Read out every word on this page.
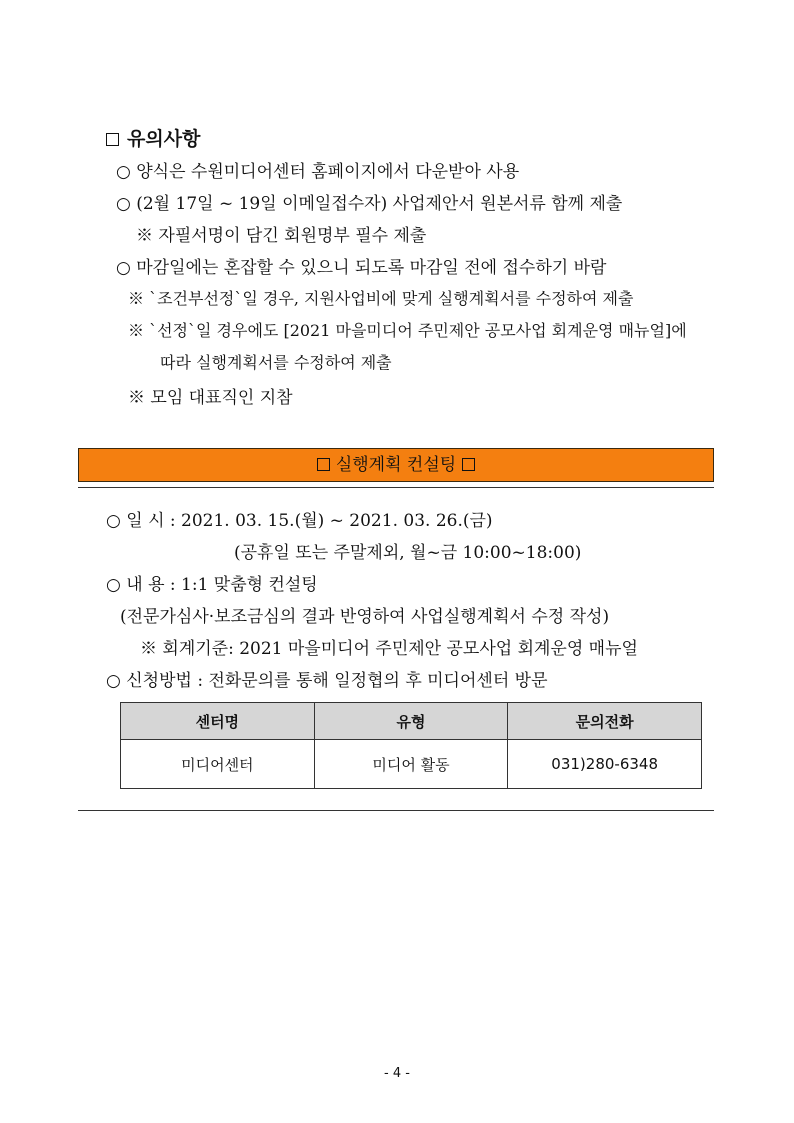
유의사항
○ 양식은 수원미디어센터 홈페이지에서 다운받아 사용
○ (2월 17일 ~ 19일 이메일접수자) 사업제안서 원본서류 함께 제출
※ 자필서명이 담긴 회원명부 필수 제출
○ 마감일에는 혼잡할 수 있으니 되도록 마감일 전에 접수하기 바람
※ `조건부선정`일 경우, 지원사업비에 맞게 실행계획서를 수정하여 제출
※ `선정`일 경우에도 [2021 마을미디어 주민제안 공모사업 회계운영 매뉴얼]에
따라 실행계획서를 수정하여 제출
※ 모임 대표직인 지참
실행계획 컨설팅
○ 일 시 : 2021. 03. 15.(월) ~ 2021. 03. 26.(금)
(공휴일 또는 주말제외, 월~금 10:00~18:00)
○ 내 용 : 1:1 맞춤형 컨설팅
(전문가심사·보조금심의 결과 반영하여 사업실행계획서 수정 작성)
※ 회계기준: 2021 마을미디어 주민제안 공모사업 회계운영 매뉴얼
○ 신청방법 : 전화문의를 통해 일정협의 후 미디어센터 방문
센터명	유형	문의전화
미디어센터	미디어 활동	031)280-6348
- 4 -
